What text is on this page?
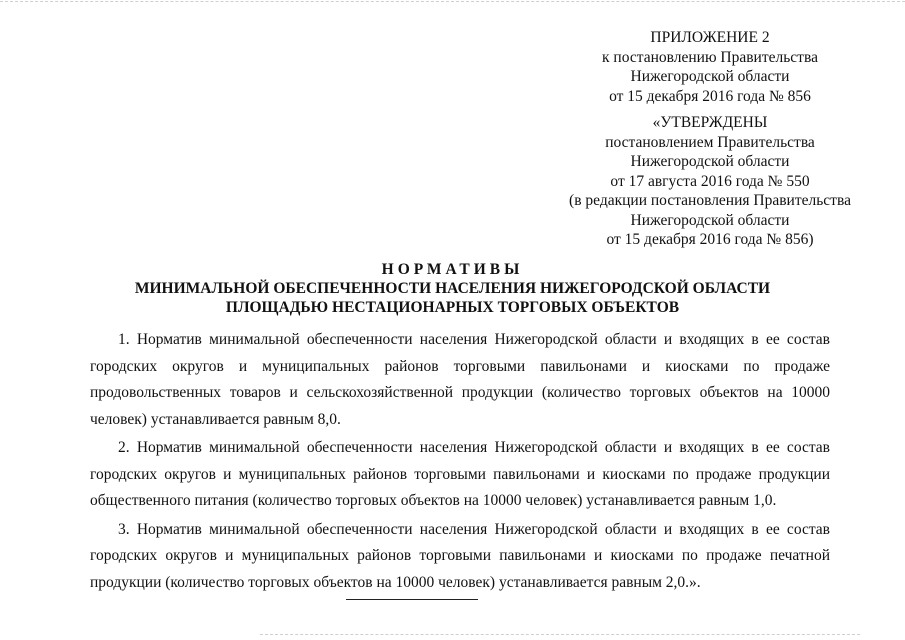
ПРИЛОЖЕНИЕ 2
к постановлению Правительства
Нижегородской области
от 15 декабря 2016 года № 856
«УТВЕРЖДЕНЫ
постановлением Правительства
Нижегородской области
от 17 августа 2016 года № 550
(в редакции постановления Правительства
Нижегородской области
от 15 декабря 2016 года № 856)
НОРМАТИВЫ
МИНИМАЛЬНОЙ ОБЕСПЕЧЕННОСТИ НАСЕЛЕНИЯ НИЖЕГОРОДСКОЙ ОБЛАСТИ
ПЛОЩАДЬЮ НЕСТАЦИОНАРНЫХ ТОРГОВЫХ ОБЪЕКТОВ

1. Норматив минимальной обеспеченности населения Нижегородской области и входящих в ее состав городских округов и муниципальных районов торговыми павильонами и киосками по продаже продовольственных товаров и сельскохозяйственной продукции (количество торговых объектов на 10000 человек) устанавливается равным 8,0.

2. Норматив минимальной обеспеченности населения Нижегородской области и входящих в ее состав городских округов и муниципальных районов торговыми павильонами и киосками по продаже продукции общественного питания (количество торговых объектов на 10000 человек) устанавливается равным 1,0.

3. Норматив минимальной обеспеченности населения Нижегородской области и входящих в ее состав городских округов и муниципальных районов торговыми павильонами и киосками по продаже печатной продукции (количество торговых объектов на 10000 человек) устанавливается равным 2,0.».
